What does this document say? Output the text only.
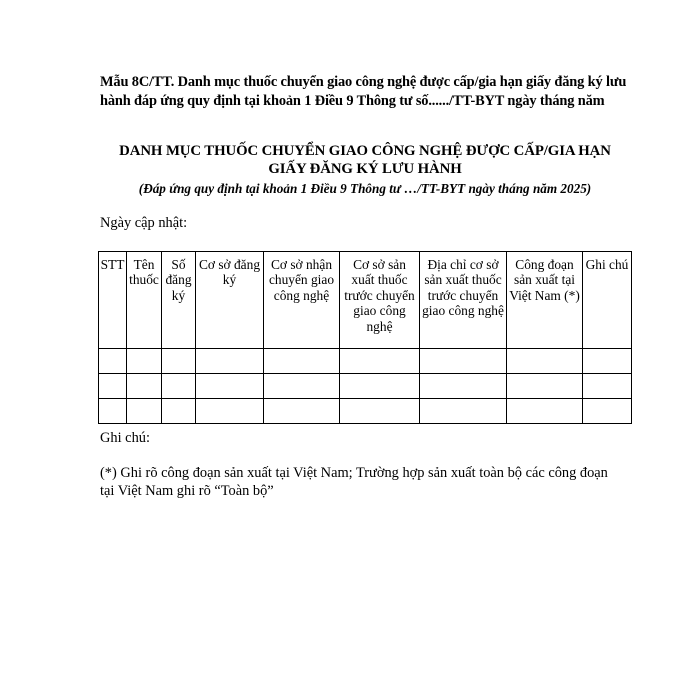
Mẫu 8C/TT. Danh mục thuốc chuyển giao công nghệ được cấp/gia hạn giấy đăng ký lưu hành đáp ứng quy định tại khoản 1 Điều 9 Thông tư số....../TT-BYT ngày tháng năm
DANH MỤC THUỐC CHUYỂN GIAO CÔNG NGHỆ ĐƯỢC CẤP/GIA HẠN
GIẤY ĐĂNG KÝ LƯU HÀNH
(Đáp ứng quy định tại khoản 1 Điều 9 Thông tư …/TT-BYT ngày tháng năm 2025)
Ngày cập nhật:
STT	Tên thuốc	Số đăng ký	Cơ sở đăng ký	Cơ sở nhận chuyển giao công nghệ	Cơ sở sản xuất thuốc trước chuyển giao công nghệ	Địa chỉ cơ sở sản xuất thuốc trước chuyển giao công nghệ	Công đoạn sản xuất tại Việt Nam (*)	Ghi chú

Ghi chú:
(*) Ghi rõ công đoạn sản xuất tại Việt Nam; Trường hợp sản xuất toàn bộ các công đoạn tại Việt Nam ghi rõ “Toàn bộ”
